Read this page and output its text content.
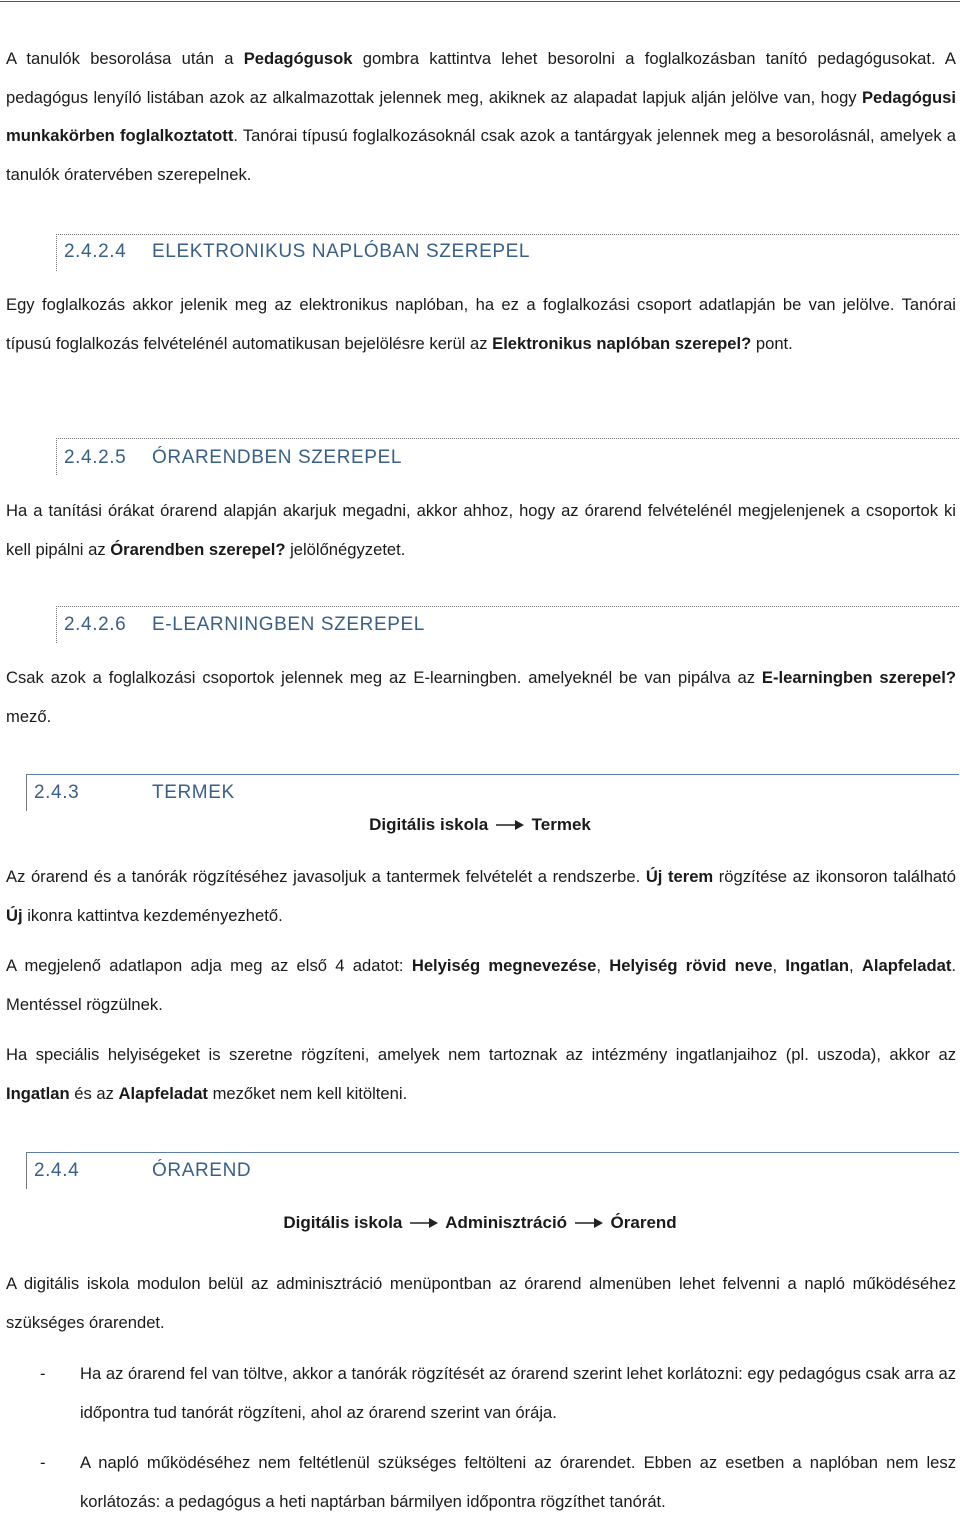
A tanulók besorolása után a Pedagógusok gombra kattintva lehet besorolni a foglalkozásban tanító pedagógusokat. A pedagógus lenyíló listában azok az alkalmazottak jelennek meg, akiknek az alapadat lapjuk alján jelölve van, hogy Pedagógusi munkakörben foglalkoztatott. Tanórai típusú foglalkozásoknál csak azok a tantárgyak jelennek meg a besorolásnál, amelyek a tanulók óratervében szerepelnek.

2.4.2.4 ELEKTRONIKUS NAPLÓBAN SZEREPEL

Egy foglalkozás akkor jelenik meg az elektronikus naplóban, ha ez a foglalkozási csoport adatlapján be van jelölve. Tanórai típusú foglalkozás felvételénél automatikusan bejelölésre kerül az Elektronikus naplóban szerepel? pont.

2.4.2.5 ÓRARENDBEN SZEREPEL

Ha a tanítási órákat órarend alapján akarjuk megadni, akkor ahhoz, hogy az órarend felvételénél megjelenjenek a csoportok ki kell pipálni az Órarendben szerepel? jelölőnégyzetet.

2.4.2.6 E-LEARNINGBEN SZEREPEL

Csak azok a foglalkozási csoportok jelennek meg az E-learningben. amelyeknél be van pipálva az E-learningben szerepel? mező.

2.4.3	TERMEK
Digitális iskola	Termek

Az órarend és a tanórák rögzítéséhez javasoljuk a tantermek felvételét a rendszerbe. Új terem rögzítése az ikonsoron található Új ikonra kattintva kezdeményezhető.

A megjelenő adatlapon adja meg az első 4 adatot: Helyiség megnevezése, Helyiség rövid neve, Ingatlan, Alapfeladat. Mentéssel rögzülnek.

Ha speciális helyiségeket is szeretne rögzíteni, amelyek nem tartoznak az intézmény ingatlanjaihoz (pl. uszoda), akkor az Ingatlan és az Alapfeladat mezőket nem kell kitölteni.

2.4.4	ÓRAREND
Digitális iskola	Adminisztráció	Órarend

A digitális iskola modulon belül az adminisztráció menüpontban az órarend almenüben lehet felvenni a napló működéséhez szükséges órarendet.

- Ha az órarend fel van töltve, akkor a tanórák rögzítését az órarend szerint lehet korlátozni: egy pedagógus csak arra az időpontra tud tanórát rögzíteni, ahol az órarend szerint van órája.
- A napló működéséhez nem feltétlenül szükséges feltölteni az órarendet. Ebben az esetben a naplóban nem lesz korlátozás: a pedagógus a heti naptárban bármilyen időpontra rögzíthet tanórát.
